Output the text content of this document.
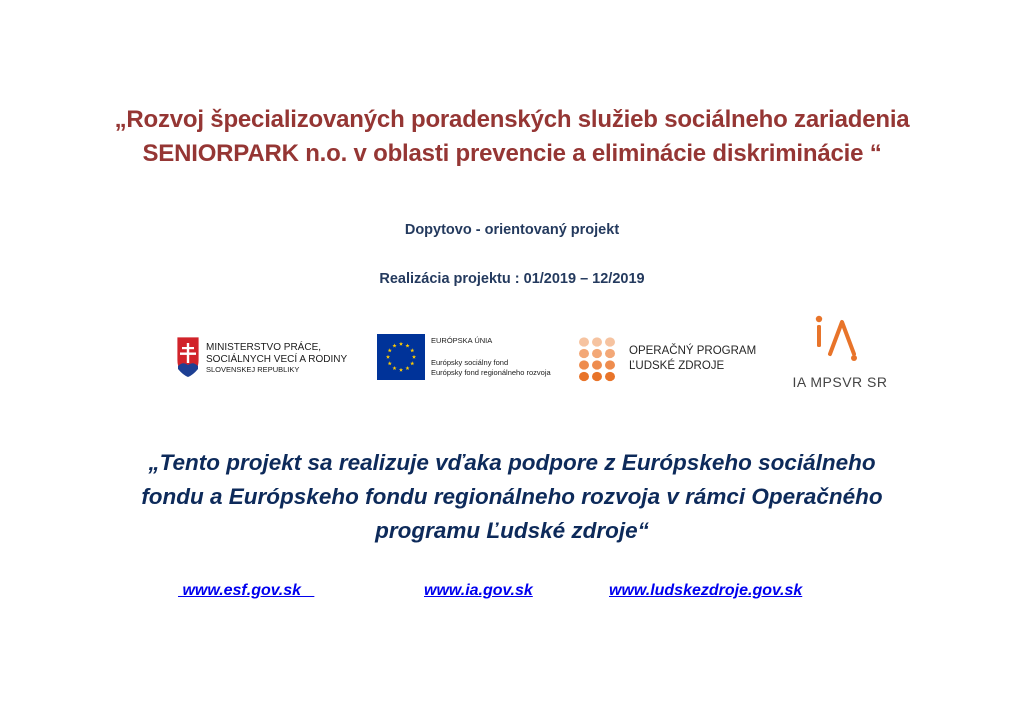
„Rozvoj špecializovaných poradenských služieb sociálneho zariadenia
SENIORPARK n.o. v oblasti prevencie a eliminácie diskriminácie “
Dopytovo - orientovaný projekt
Realizácia projektu : 01/2019 – 12/2019
MINISTERSTVO PRÁCE,
SOCIÁLNYCH VECÍ A RODINY
SLOVENSKEJ REPUBLIKY
EURÓPSKA ÚNIA
Európsky sociálny fond
Európsky fond regionálneho rozvoja
OPERAČNÝ PROGRAM
ĽUDSKÉ ZDROJE
IA MPSVR SR
„Tento projekt sa realizuje vďaka podpore z Európskeho sociálneho
fondu a Európskeho fondu regionálneho rozvoja v rámci Operačného
programu Ľudské zdroje“
www.esf.gov.sk	www.ia.gov.sk	www.ludskezdroje.gov.sk
